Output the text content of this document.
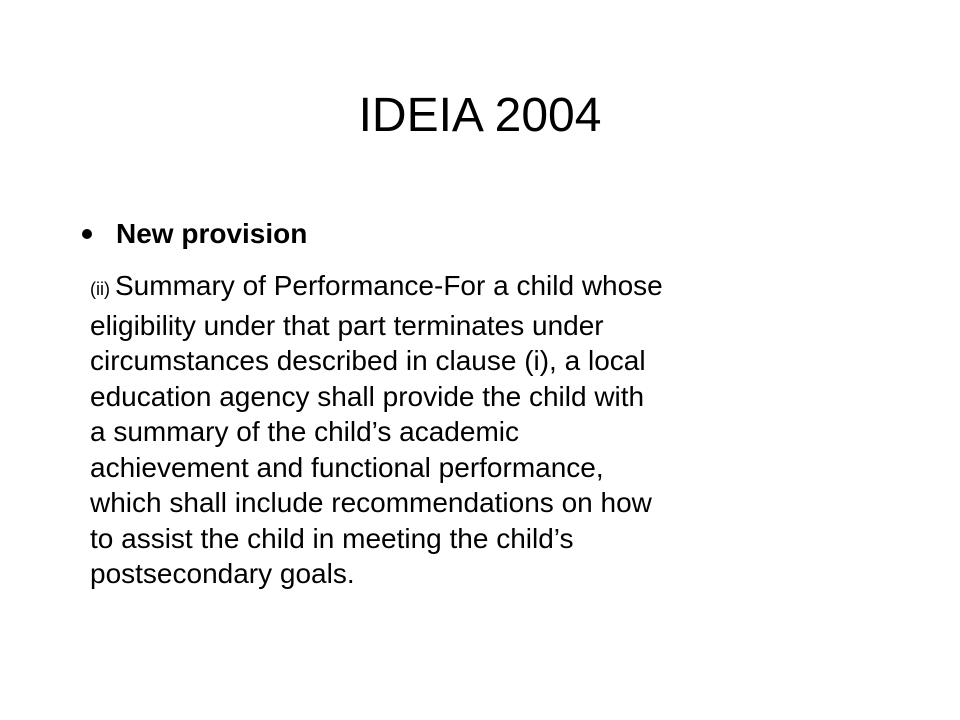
IDEIA 2004
New provision

(ii) Summary of Performance-For a child whose
eligibility under that part terminates under
circumstances described in clause (i), a local
education agency shall provide the child with
a summary of the child’s academic
achievement and functional performance,
which shall include recommendations on how
to assist the child in meeting the child’s
postsecondary goals.
